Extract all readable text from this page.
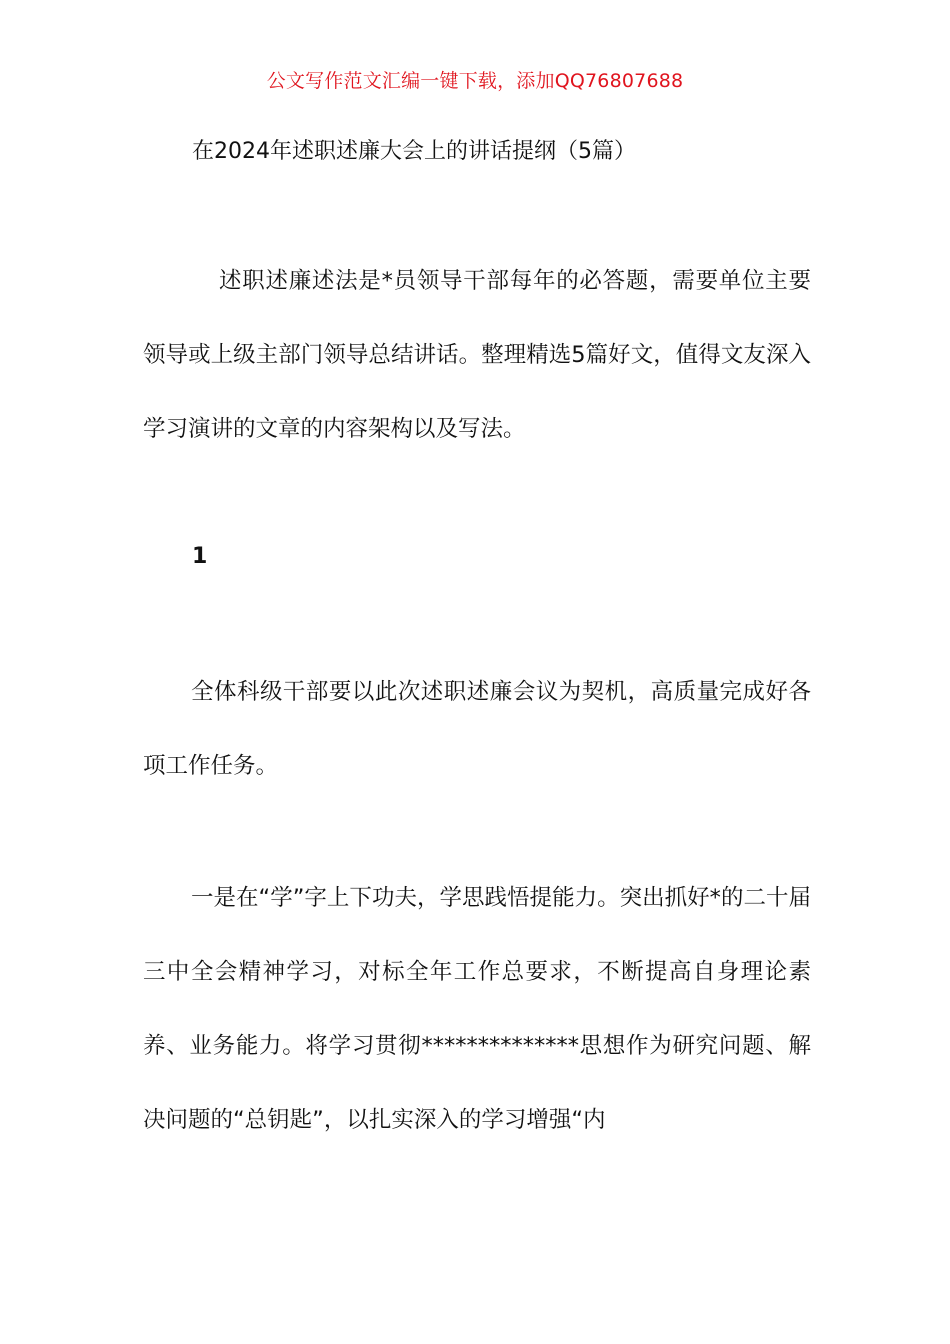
公文写作范文汇编一键下载，添加QQ76807688
在2024年述职述廉大会上的讲话提纲（5篇）

述职述廉述法是*员领导干部每年的必答题，需要单位主要领导或上级主部门领导总结讲话。整理精选5篇好文，值得文友深入学习演讲的文章的内容架构以及写法。

1

全体科级干部要以此次述职述廉会议为契机，高质量完成好各项工作任务。

一是在“学”字上下功夫，学思践悟提能力。突出抓好*的二十届三中全会精神学习，对标全年工作总要求，不断提高自身理论素养、业务能力。将学习贯彻**************思想作为研究问题、解决问题的“总钥匙”，以扎实深入的学习增强“内
